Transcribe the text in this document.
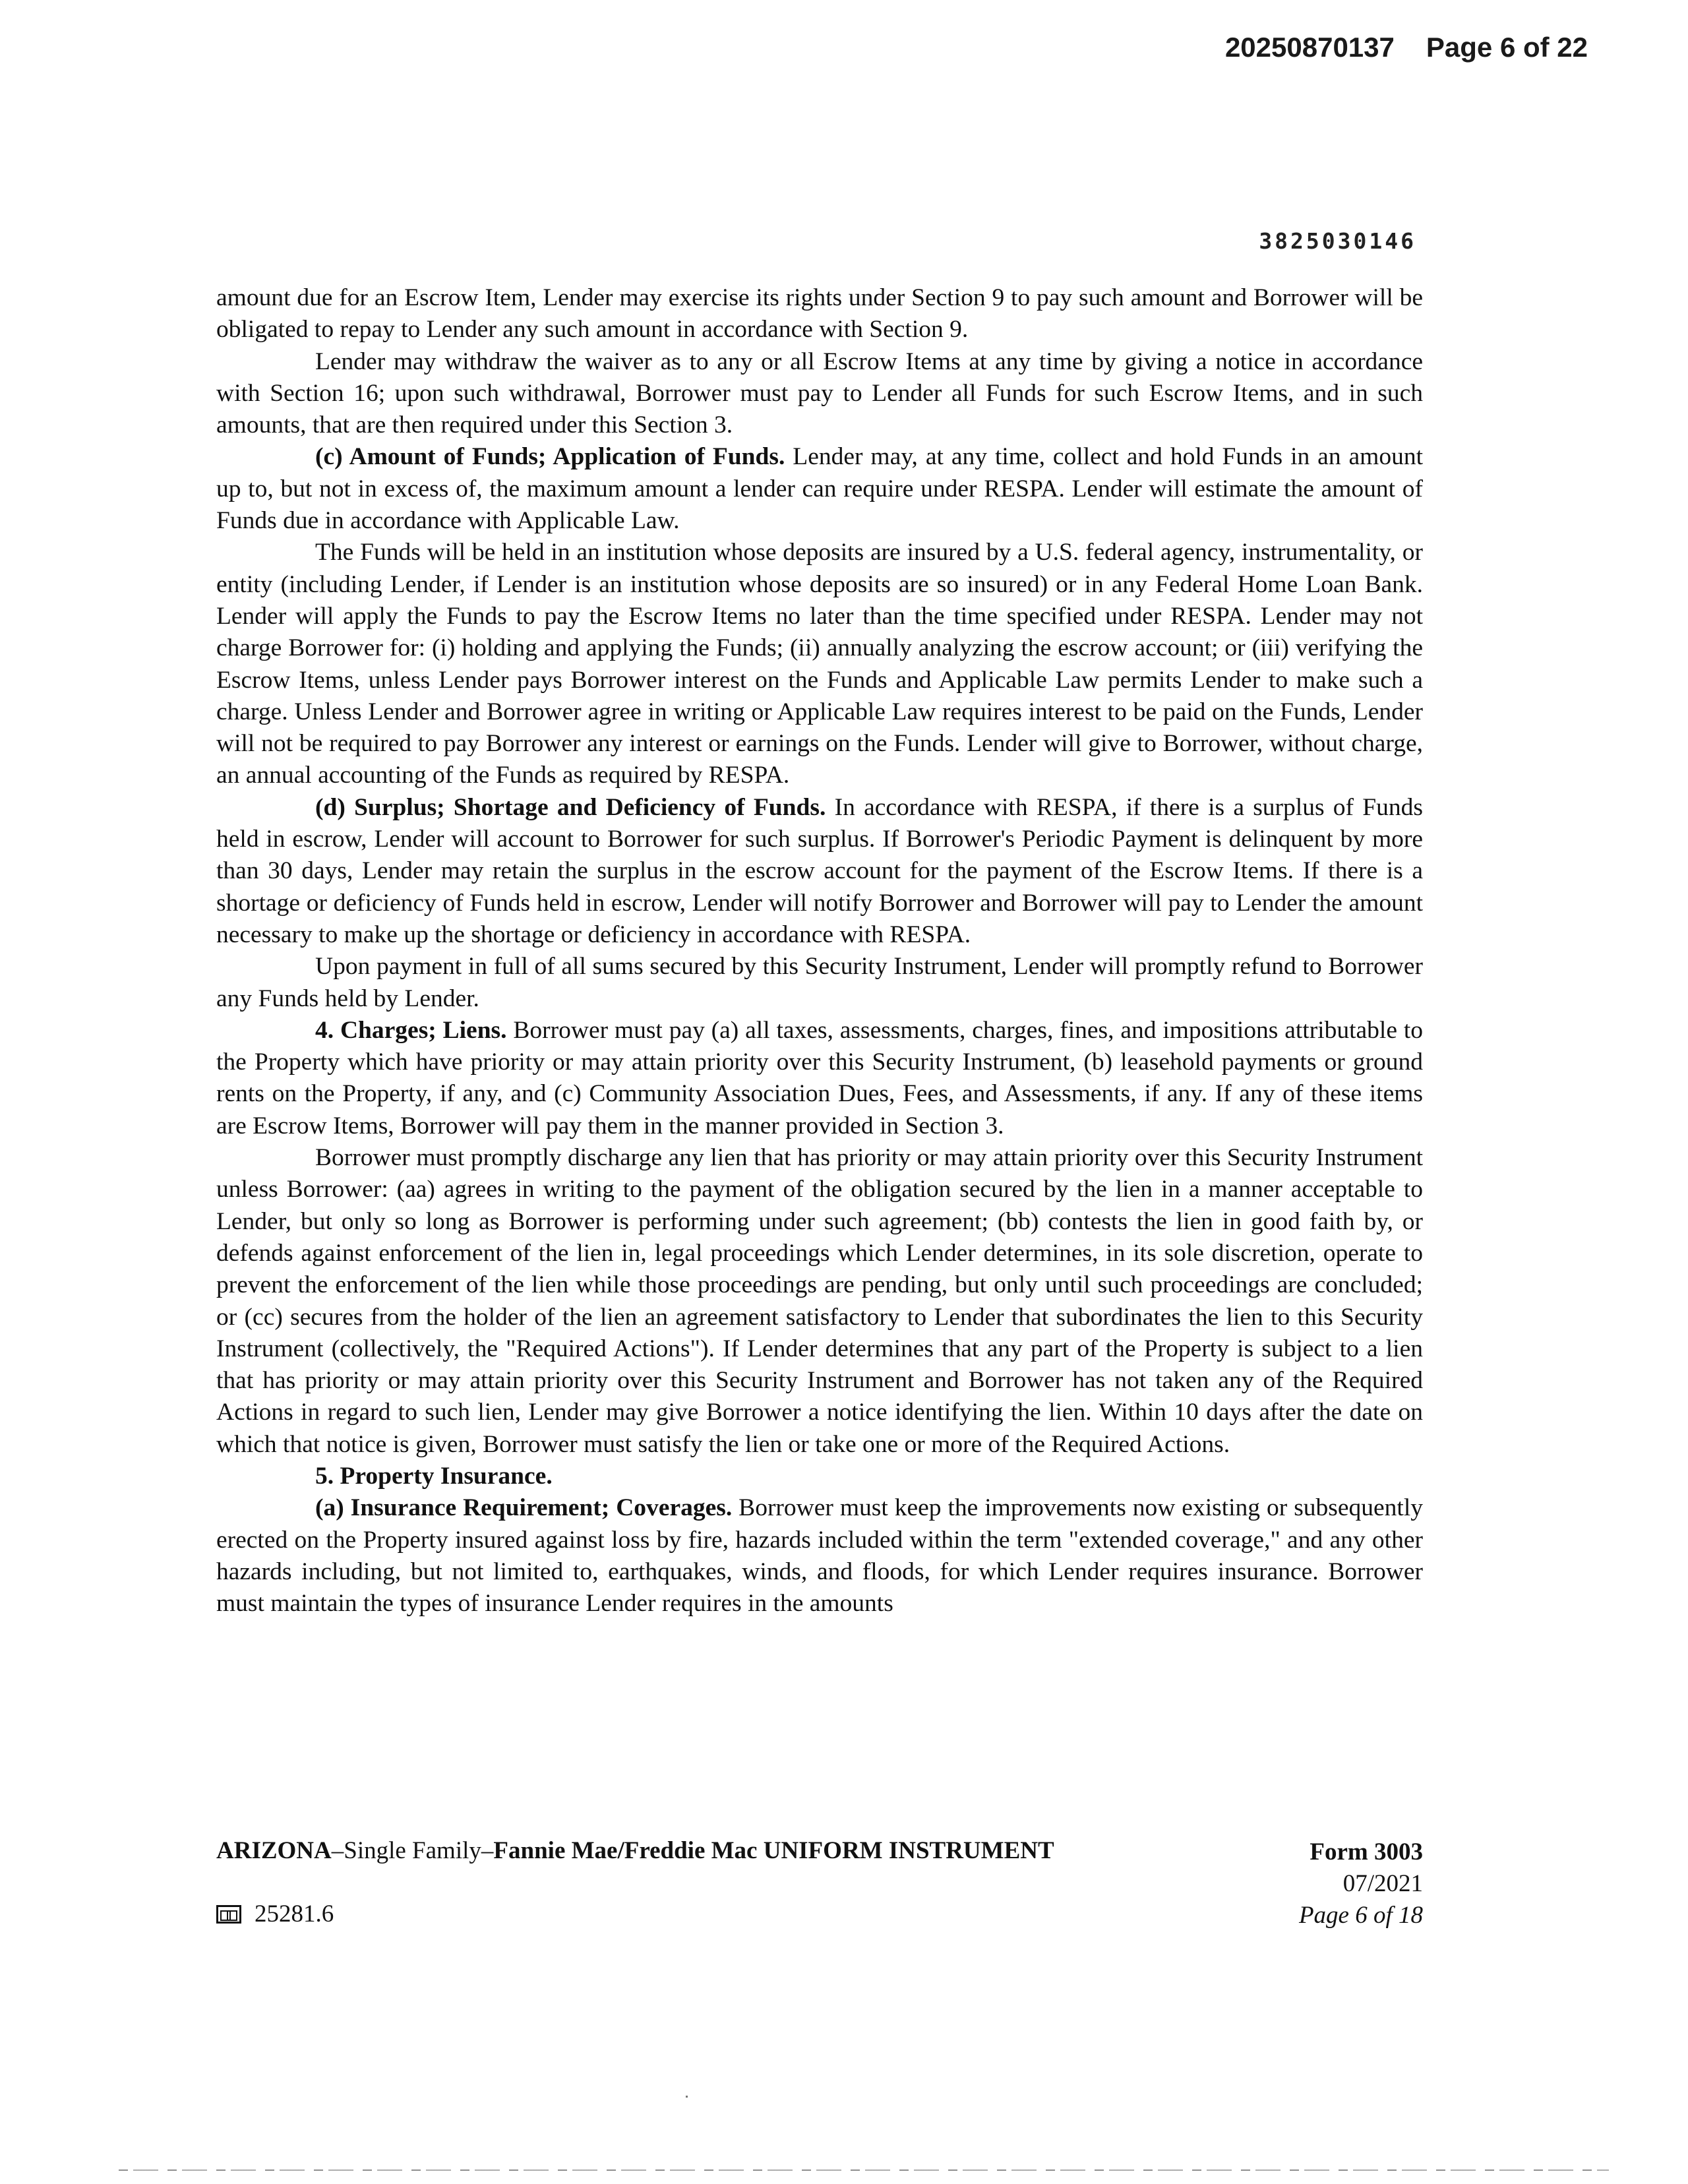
20250870137 Page 6 of 22
3825030146

amount due for an Escrow Item, Lender may exercise its rights under Section 9 to pay such amount and Borrower will be obligated to repay to Lender any such amount in accordance with Section 9.

Lender may withdraw the waiver as to any or all Escrow Items at any time by giving a notice in accordance with Section 16; upon such withdrawal, Borrower must pay to Lender all Funds for such Escrow Items, and in such amounts, that are then required under this Section 3.

(c) Amount of Funds; Application of Funds. Lender may, at any time, collect and hold Funds in an amount up to, but not in excess of, the maximum amount a lender can require under RESPA. Lender will estimate the amount of Funds due in accordance with Applicable Law.

The Funds will be held in an institution whose deposits are insured by a U.S. federal agency, instrumentality, or entity (including Lender, if Lender is an institution whose deposits are so insured) or in any Federal Home Loan Bank. Lender will apply the Funds to pay the Escrow Items no later than the time specified under RESPA. Lender may not charge Borrower for: (i) holding and applying the Funds; (ii) annually analyzing the escrow account; or (iii) verifying the Escrow Items, unless Lender pays Borrower interest on the Funds and Applicable Law permits Lender to make such a charge. Unless Lender and Borrower agree in writing or Applicable Law requires interest to be paid on the Funds, Lender will not be required to pay Borrower any interest or earnings on the Funds. Lender will give to Borrower, without charge, an annual accounting of the Funds as required by RESPA.

(d) Surplus; Shortage and Deficiency of Funds. In accordance with RESPA, if there is a surplus of Funds held in escrow, Lender will account to Borrower for such surplus. If Borrower's Periodic Payment is delinquent by more than 30 days, Lender may retain the surplus in the escrow account for the payment of the Escrow Items. If there is a shortage or deficiency of Funds held in escrow, Lender will notify Borrower and Borrower will pay to Lender the amount necessary to make up the shortage or deficiency in accordance with RESPA.

Upon payment in full of all sums secured by this Security Instrument, Lender will promptly refund to Borrower any Funds held by Lender.

4. Charges; Liens. Borrower must pay (a) all taxes, assessments, charges, fines, and impositions attributable to the Property which have priority or may attain priority over this Security Instrument, (b) leasehold payments or ground rents on the Property, if any, and (c) Community Association Dues, Fees, and Assessments, if any. If any of these items are Escrow Items, Borrower will pay them in the manner provided in Section 3.

Borrower must promptly discharge any lien that has priority or may attain priority over this Security Instrument unless Borrower: (aa) agrees in writing to the payment of the obligation secured by the lien in a manner acceptable to Lender, but only so long as Borrower is performing under such agreement; (bb) contests the lien in good faith by, or defends against enforcement of the lien in, legal proceedings which Lender determines, in its sole discretion, operate to prevent the enforcement of the lien while those proceedings are pending, but only until such proceedings are concluded; or (cc) secures from the holder of the lien an agreement satisfactory to Lender that subordinates the lien to this Security Instrument (collectively, the "Required Actions"). If Lender determines that any part of the Property is subject to a lien that has priority or may attain priority over this Security Instrument and Borrower has not taken any of the Required Actions in regard to such lien, Lender may give Borrower a notice identifying the lien. Within 10 days after the date on which that notice is given, Borrower must satisfy the lien or take one or more of the Required Actions.

5. Property Insurance.

(a) Insurance Requirement; Coverages. Borrower must keep the improvements now existing or subsequently erected on the Property insured against loss by fire, hazards included within the term "extended coverage," and any other hazards including, but not limited to, earthquakes, winds, and floods, for which Lender requires insurance. Borrower must maintain the types of insurance Lender requires in the amounts

ARIZONA–Single Family–Fannie Mae/Freddie Mac UNIFORM INSTRUMENT	Form 3003
07/2021
Page 6 of 18
25281.6
